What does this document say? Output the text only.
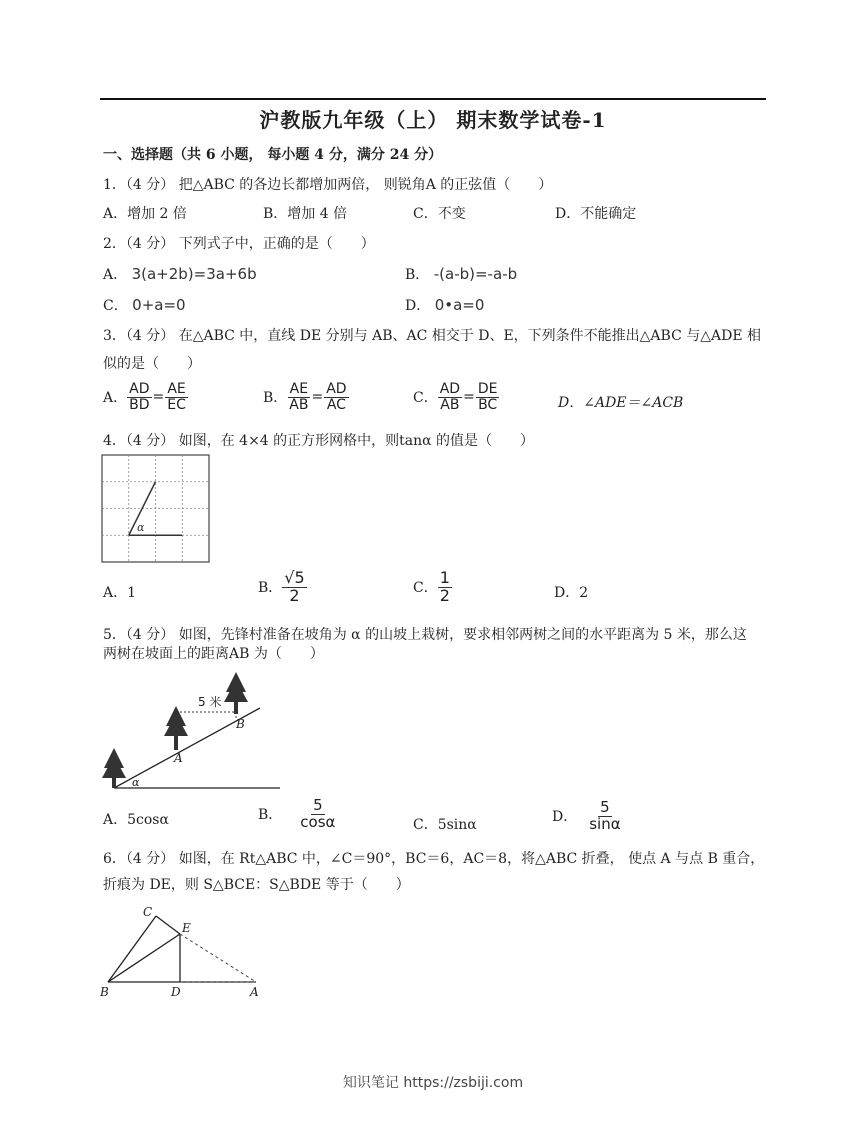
沪教版九年级（上） 期末数学试卷-1
一、选择题（共 6 小题， 每小题 4 分，满分 24 分）
1．（4 分） 把△ABC 的各边长都增加两倍， 则锐角A 的正弦值（　　）
A．增加 2 倍	B．增加 4 倍	C．不变	D．不能确定
2．（4 分） 下列式子中，正确的是（　　）
A． 3(a+2b)=3a+6b	B． -(a-b)=-a-b
C． 0+a=0	D． 0•a=0
3．（4 分） 在△ABC 中，直线 DE 分别与 AB、AC 相交于 D、E，下列条件不能推出△ABC 与△ADE 相
似的是（　　）
A． $\frac{AD}{BD} = \frac{AE}{EC}$	B． $\frac{AE}{AB} = \frac{AD}{AC}$	C． $\frac{AD}{AB} = \frac{DE}{BC}$	D．∠ADE＝∠ACB
4．（4 分） 如图，在 4×4 的正方形网格中，则tanα 的值是（　　）
α
A．1	B． $\frac{√5}{2}$	C． $\frac{1}{2}$	D．2
5．（4 分） 如图，先锋村准备在坡角为 α 的山坡上栽树，要求相邻两树之间的水平距离为 5 米，那么这
两树在坡面上的距离AB 为（　　）
5 米
A
B
α
A．5cosα	B． $\frac{5}{\cos\alpha}$	C．5sinα	D． $\frac{5}{\sin\alpha}$
6．（4 分） 如图，在 Rt△ABC 中，∠C＝90°，BC＝6，AC＝8，将△ABC 折叠， 使点 A 与点 B 重合，
折痕为 DE，则 S△BCE：S△BDE 等于（　　）
C
E
B	D	A
知识笔记 https://zsbiji.com
